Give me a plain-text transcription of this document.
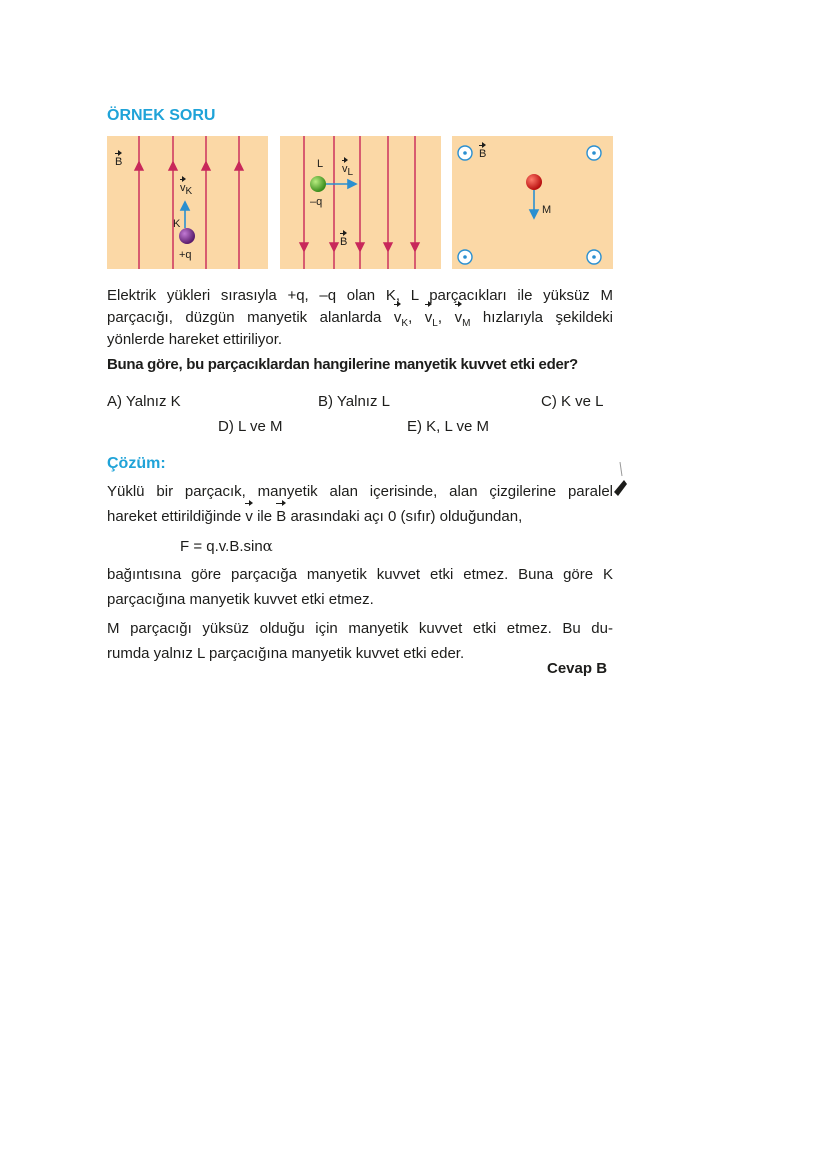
ÖRNEK SORU
B
$v_K$
K
+q
L $v_L$
–q
B
B
M
Elektrik yükleri sırasıyla +q, –q olan K, L parçacıkları ile yüksüz M
parçacığı, düzgün manyetik alanlarda $v_K$, $v_L$, $v_M$ hızlarıyla şekildeki
yönlerde hareket ettiriliyor.
Buna göre, bu parçacıklardan hangilerine manyetik kuvvet etki eder?
A) Yalnız K	B) Yalnız L	C) K ve L
D) L ve M	E) K, L ve M
Çözüm:
Yüklü bir parçacık, manyetik alan içerisinde, alan çizgilerine paralel
hareket ettirildiğinde v ile B arasındaki açı 0 (sıfır) olduğundan,
F = q.v.B.sinα
bağıntısına göre parçacığa manyetik kuvvet etki etmez. Buna göre K
parçacığına manyetik kuvvet etki etmez.
M parçacığı yüksüz olduğu için manyetik kuvvet etki etmez. Bu du-
rumda yalnız L parçacığına manyetik kuvvet etki eder.
Cevap B
